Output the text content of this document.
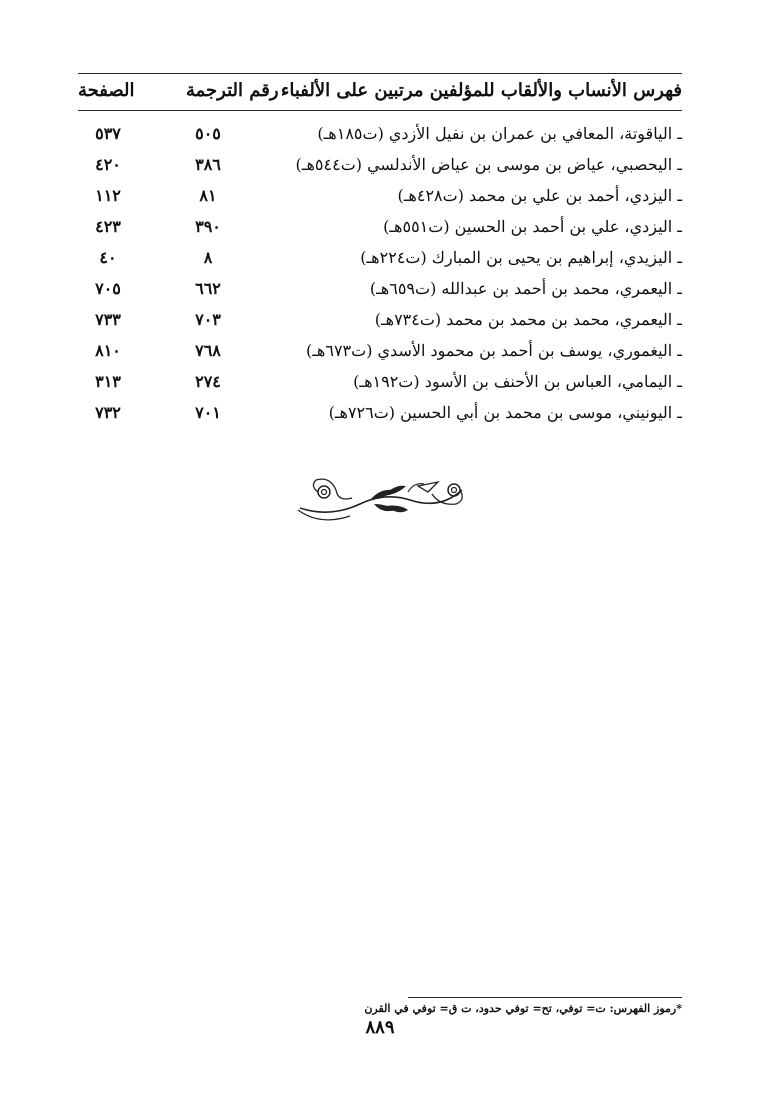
فهرس الأنساب والألقاب للمؤلفين مرتبين على الألفباء
رقم الترجمة
الصفحة
ـ الياقوتة، المعافي بن عمران بن نفيل الأزدي (ت١٨٥هـ)
٥٠٥
٥٣٧
ـ اليحصبي، عياض بن موسى بن عياض الأندلسي (ت٥٤٤هـ)
٣٨٦
٤٢٠
ـ اليزدي، أحمد بن علي بن محمد (ت٤٢٨هـ)
٨١
١١٢
ـ اليزدي، علي بن أحمد بن الحسين (ت٥٥١هـ)
٣٩٠
٤٢٣
ـ اليزيدي، إبراهيم بن يحيى بن المبارك (ت٢٢٤هـ)
٨
٤٠
ـ اليعمري، محمد بن أحمد بن عبدالله (ت٦٥٩هـ)
٦٦٢
٧٠٥
ـ اليعمري، محمد بن محمد بن محمد (ت٧٣٤هـ)
٧٠٣
٧٣٣
ـ اليغموري، يوسف بن أحمد بن محمود الأسدي (ت٦٧٣هـ)
٧٦٨
٨١٠
ـ اليمامي، العباس بن الأحنف بن الأسود (ت١٩٢هـ)
٢٧٤
٣١٣
ـ اليونيني، موسى بن محمد بن أبي الحسين (ت٧٢٦هـ)
٧٠١
٧٣٢
*رموز الفهرس: ت= توفي، تح= توفي حدود، ت ق= توفي في القرن
٨٨٩
